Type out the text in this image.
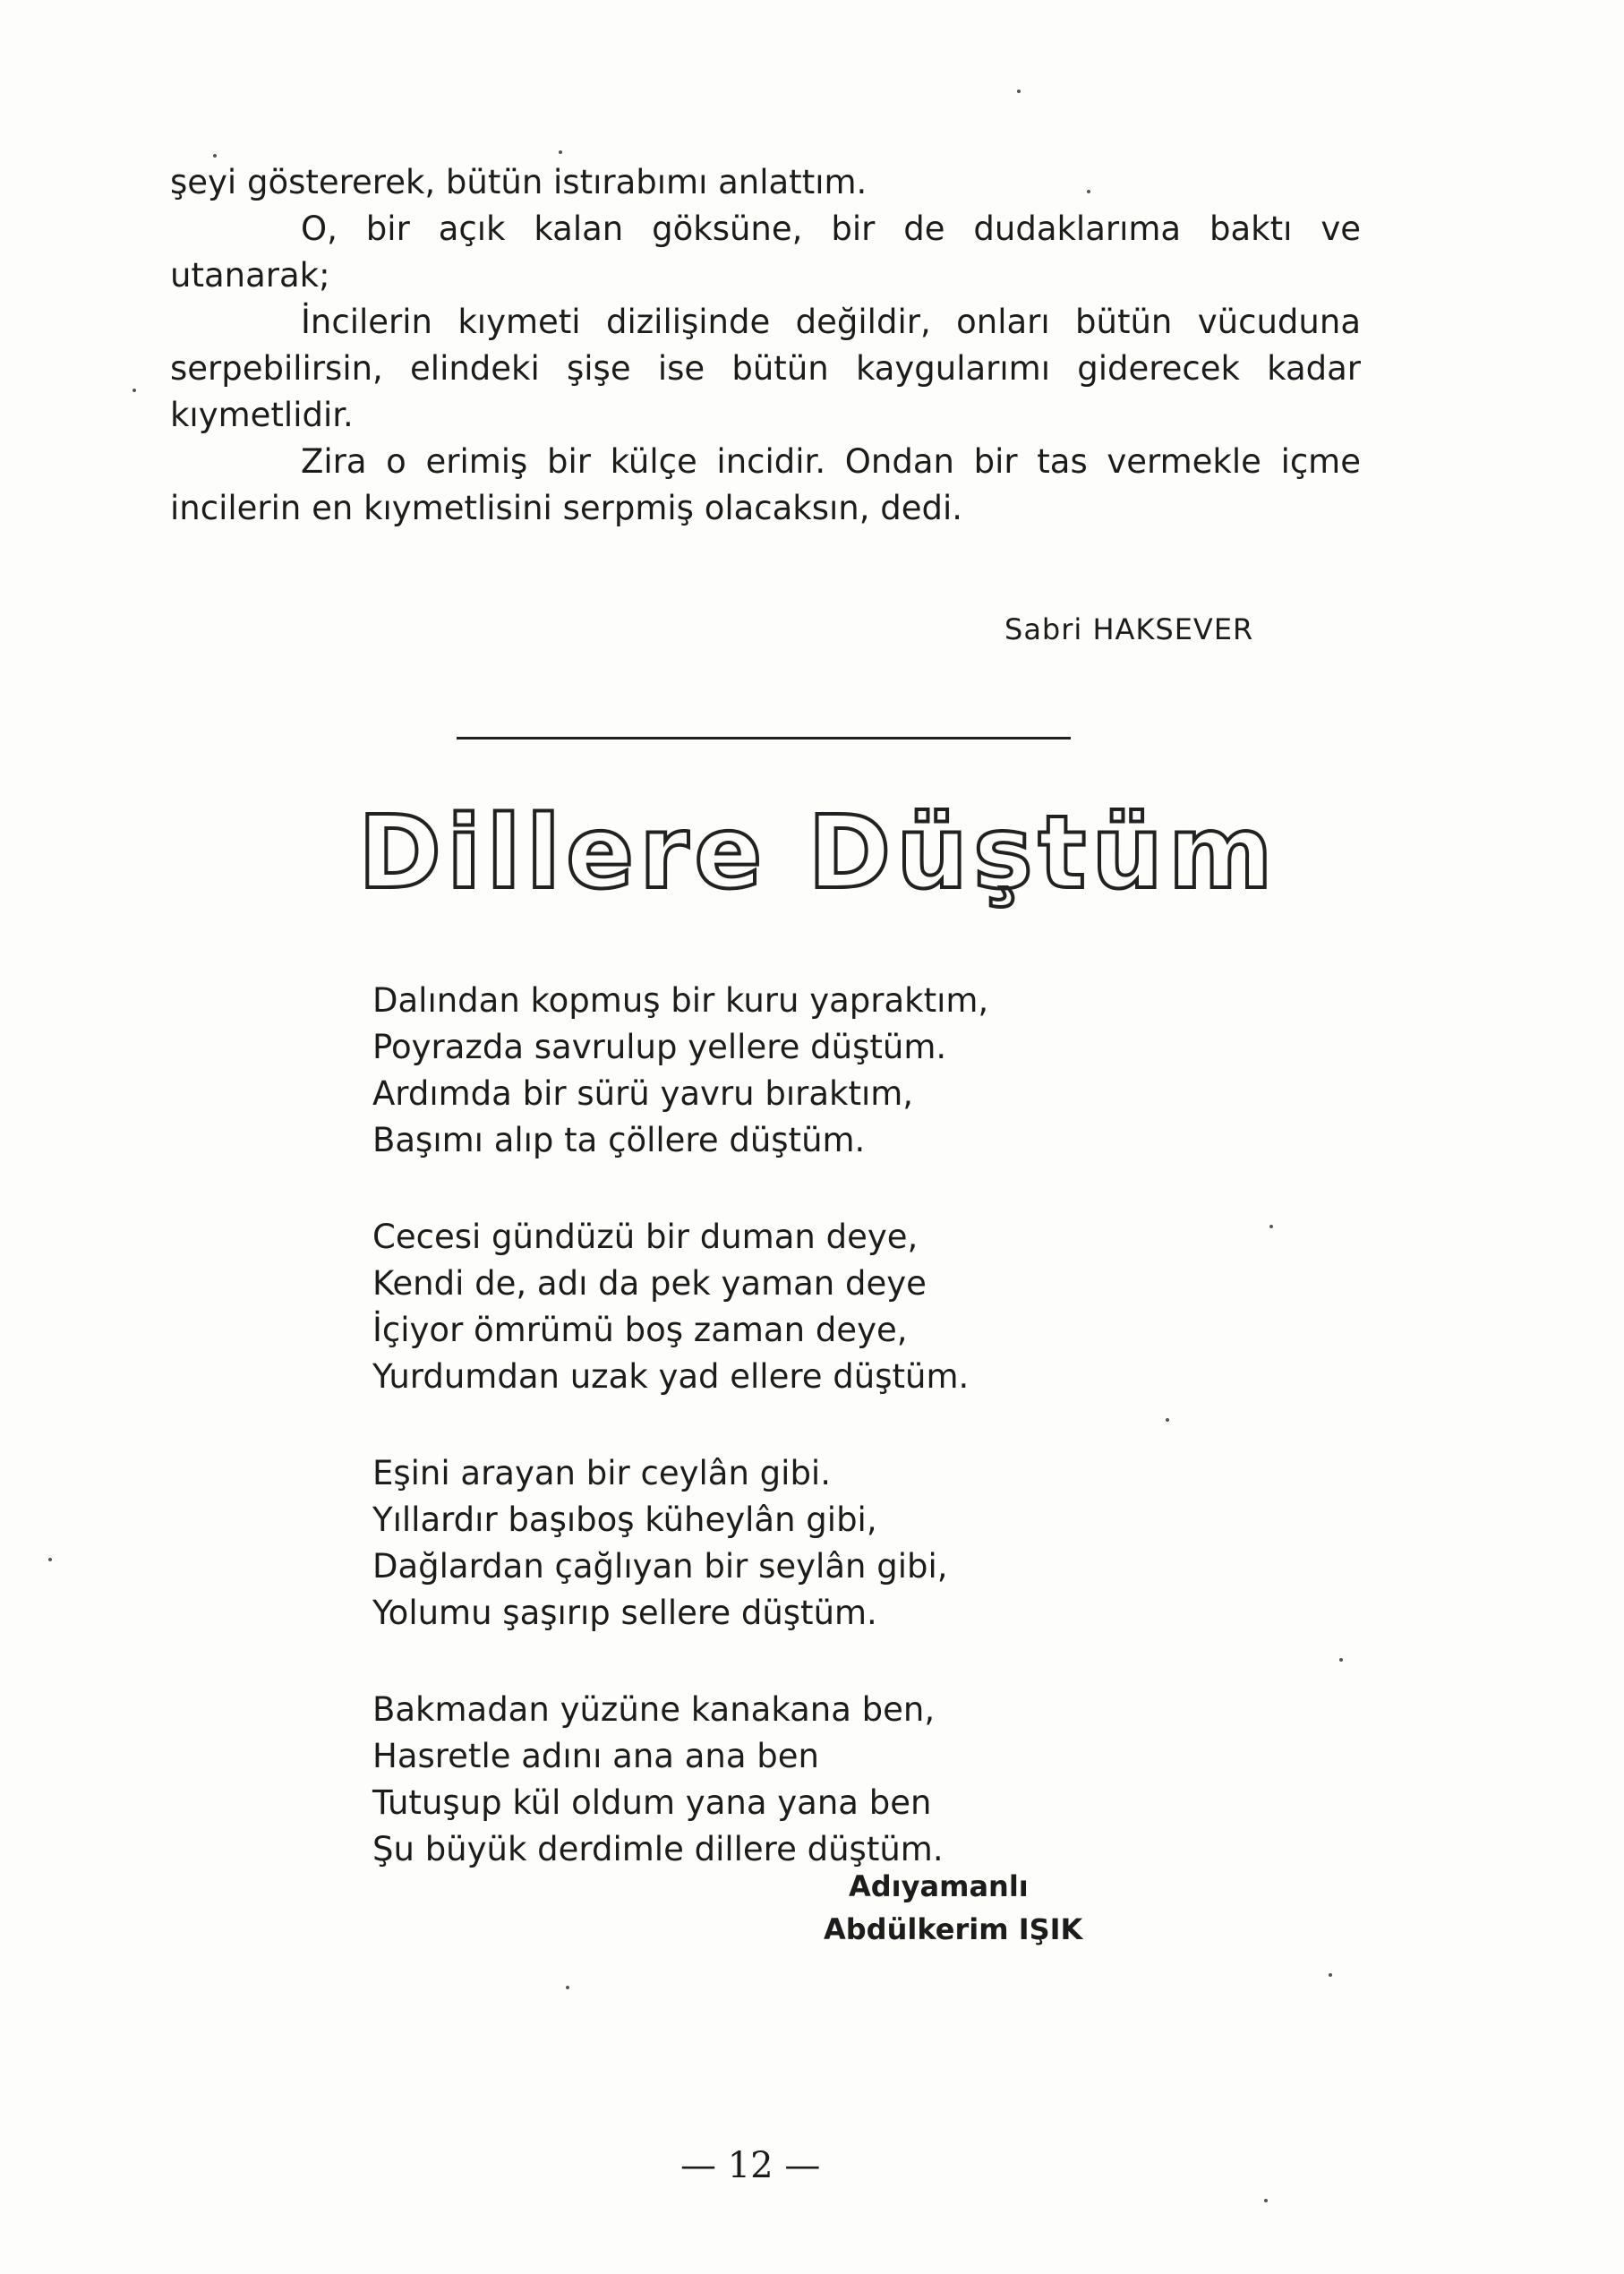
şeyi göstererek, bütün istırabımı anlattım.

O, bir açık kalan göksüne, bir de dudaklarıma baktı ve utanarak;

İncilerin kıymeti dizilişinde değildir, onları bütün vücuduna serpebilirsin, elindeki şişe ise bütün kaygularımı giderecek kadar kıymetlidir.

Zira o erimiş bir külçe incidir. Ondan bir tas vermekle içme incilerin en kıymetlisini serpmiş olacaksın, dedi.

Sabri HAKSEVER
Dillere Düştüm
Dalından kopmuş bir kuru yapraktım,
Poyrazda savrulup yellere düştüm.
Ardımda bir sürü yavru bıraktım,
Başımı alıp ta çöllere düştüm.
Cecesi gündüzü bir duman deye,
Kendi de, adı da pek yaman deye
İçiyor ömrümü boş zaman deye,
Yurdumdan uzak yad ellere düştüm.
Eşini arayan bir ceylân gibi.
Yıllardır başıboş küheylân gibi,
Dağlardan çağlıyan bir seylân gibi,
Yolumu şaşırıp sellere düştüm.
Bakmadan yüzüne kanakana ben,
Hasretle adını ana ana ben
Tutuşup kül oldum yana yana ben
Şu büyük derdimle dillere düştüm.
Adıyamanlı
Abdülkerim IŞIK
— 12 —
